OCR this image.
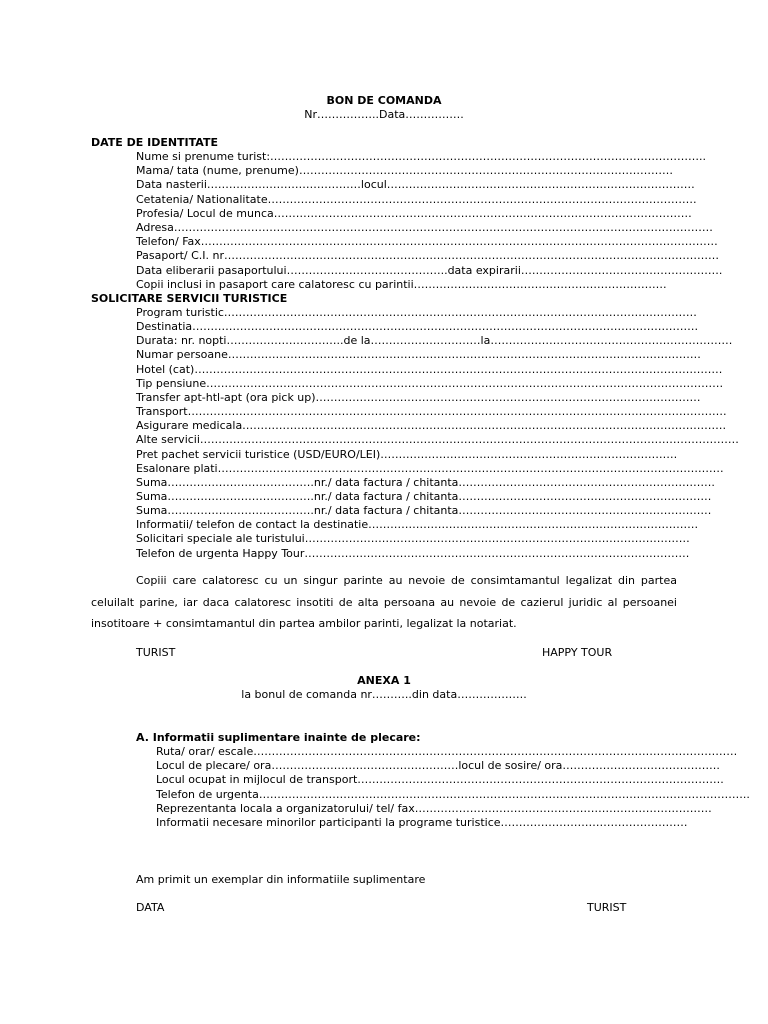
BON DE COMANDA
Nr……………..Data…………….
DATE DE IDENTITATE
Nume si prenume turist:………………………………………………………………………………………………………..
Mama/ tata (nume, prenume)…………………………………………………………………………………………
Data nasterii……………………………………locul…………………………………………………………………………
Cetatenia/ Nationalitate………………………………………………………………………………………………………
Profesia/ Locul de munca……………………………………………………………………………………………………
Adresa…………………………………………………………………………………………………………………………………
Telefon/ Fax……………………………………………………………………………………………………………………………
Pasaport/ C.I. nr………………………………………………………………………………………………………………………
Data eliberarii pasaportului……………………………………..data expirarii……………………………………………….
Copii inclusi in pasaport care calatoresc cu parintii……………………………………………………………
SOLICITARE SERVICII TURISTICE
Program turistic…………………………………………………………………………………………………………………
Destinatia…………………………………………………………………………………………………………………………
Durata: nr. nopti…………………………..de la…………………………la…………………………………………………………
Numar persoane…………………………………………………………………………………………………………………
Hotel (cat)………………………………………………………………………………………………………………………………
Tip pensiune……………………………………………………………………………………………………………………………
Transfer apt-htl-apt (ora pick up)……………………………………………………………………………………………
Transport…………………………………………………………………………………………………………………………………
Asigurare medicala……………………………………………………………………………………………………………………
Alte servicii…………………………………………………………………………………………………………………………………
Pret pachet servicii turistice (USD/EURO/LEI)………………………………………………………………………
Esalonare plati…………………………………………………………………………………………………………………………
Suma………………………………….nr./ data factura / chitanta…………………………………………………………….
Suma………………………………….nr./ data factura / chitanta……………………………………………………………
Suma………………………………….nr./ data factura / chitanta……………………………………………………………
Informatii/ telefon de contact la destinatie………………………………………………………………………………
Solicitari speciale ale turistului……………………………………………………………………………………………
Telefon de urgenta Happy Tour……………………………………………………………………………………………
Copiii care calatoresc cu un singur parinte au nevoie de consimtamantul legalizat din partea celuilalt parine, iar daca calatoresc insotiti de alta persoana au nevoie de cazierul juridic al persoanei insotitoare + consimtamantul din partea ambilor parinti, legalizat la notariat.
TURIST	HAPPY TOUR
ANEXA 1
la bonul de comanda nr………..din data……………….
A. Informatii suplimentare inainte de plecare:
Ruta/ orar/ escale……………………………………………………………………………………………………………………
Locul de plecare/ ora……………………………………………locul de sosire/ ora…………………………………….
Locul ocupat in mijlocul de transport……………………………………………………………………………………….
Telefon de urgenta……………………………………………………………………………………………………………………..
Reprezentanta locala a organizatorului/ tel/ fax………………………………………………………………………
Informatii necesare minorilor participanti la programe turistice……………………………………………
Am primit un exemplar din informatiile suplimentare
DATA	TURIST
